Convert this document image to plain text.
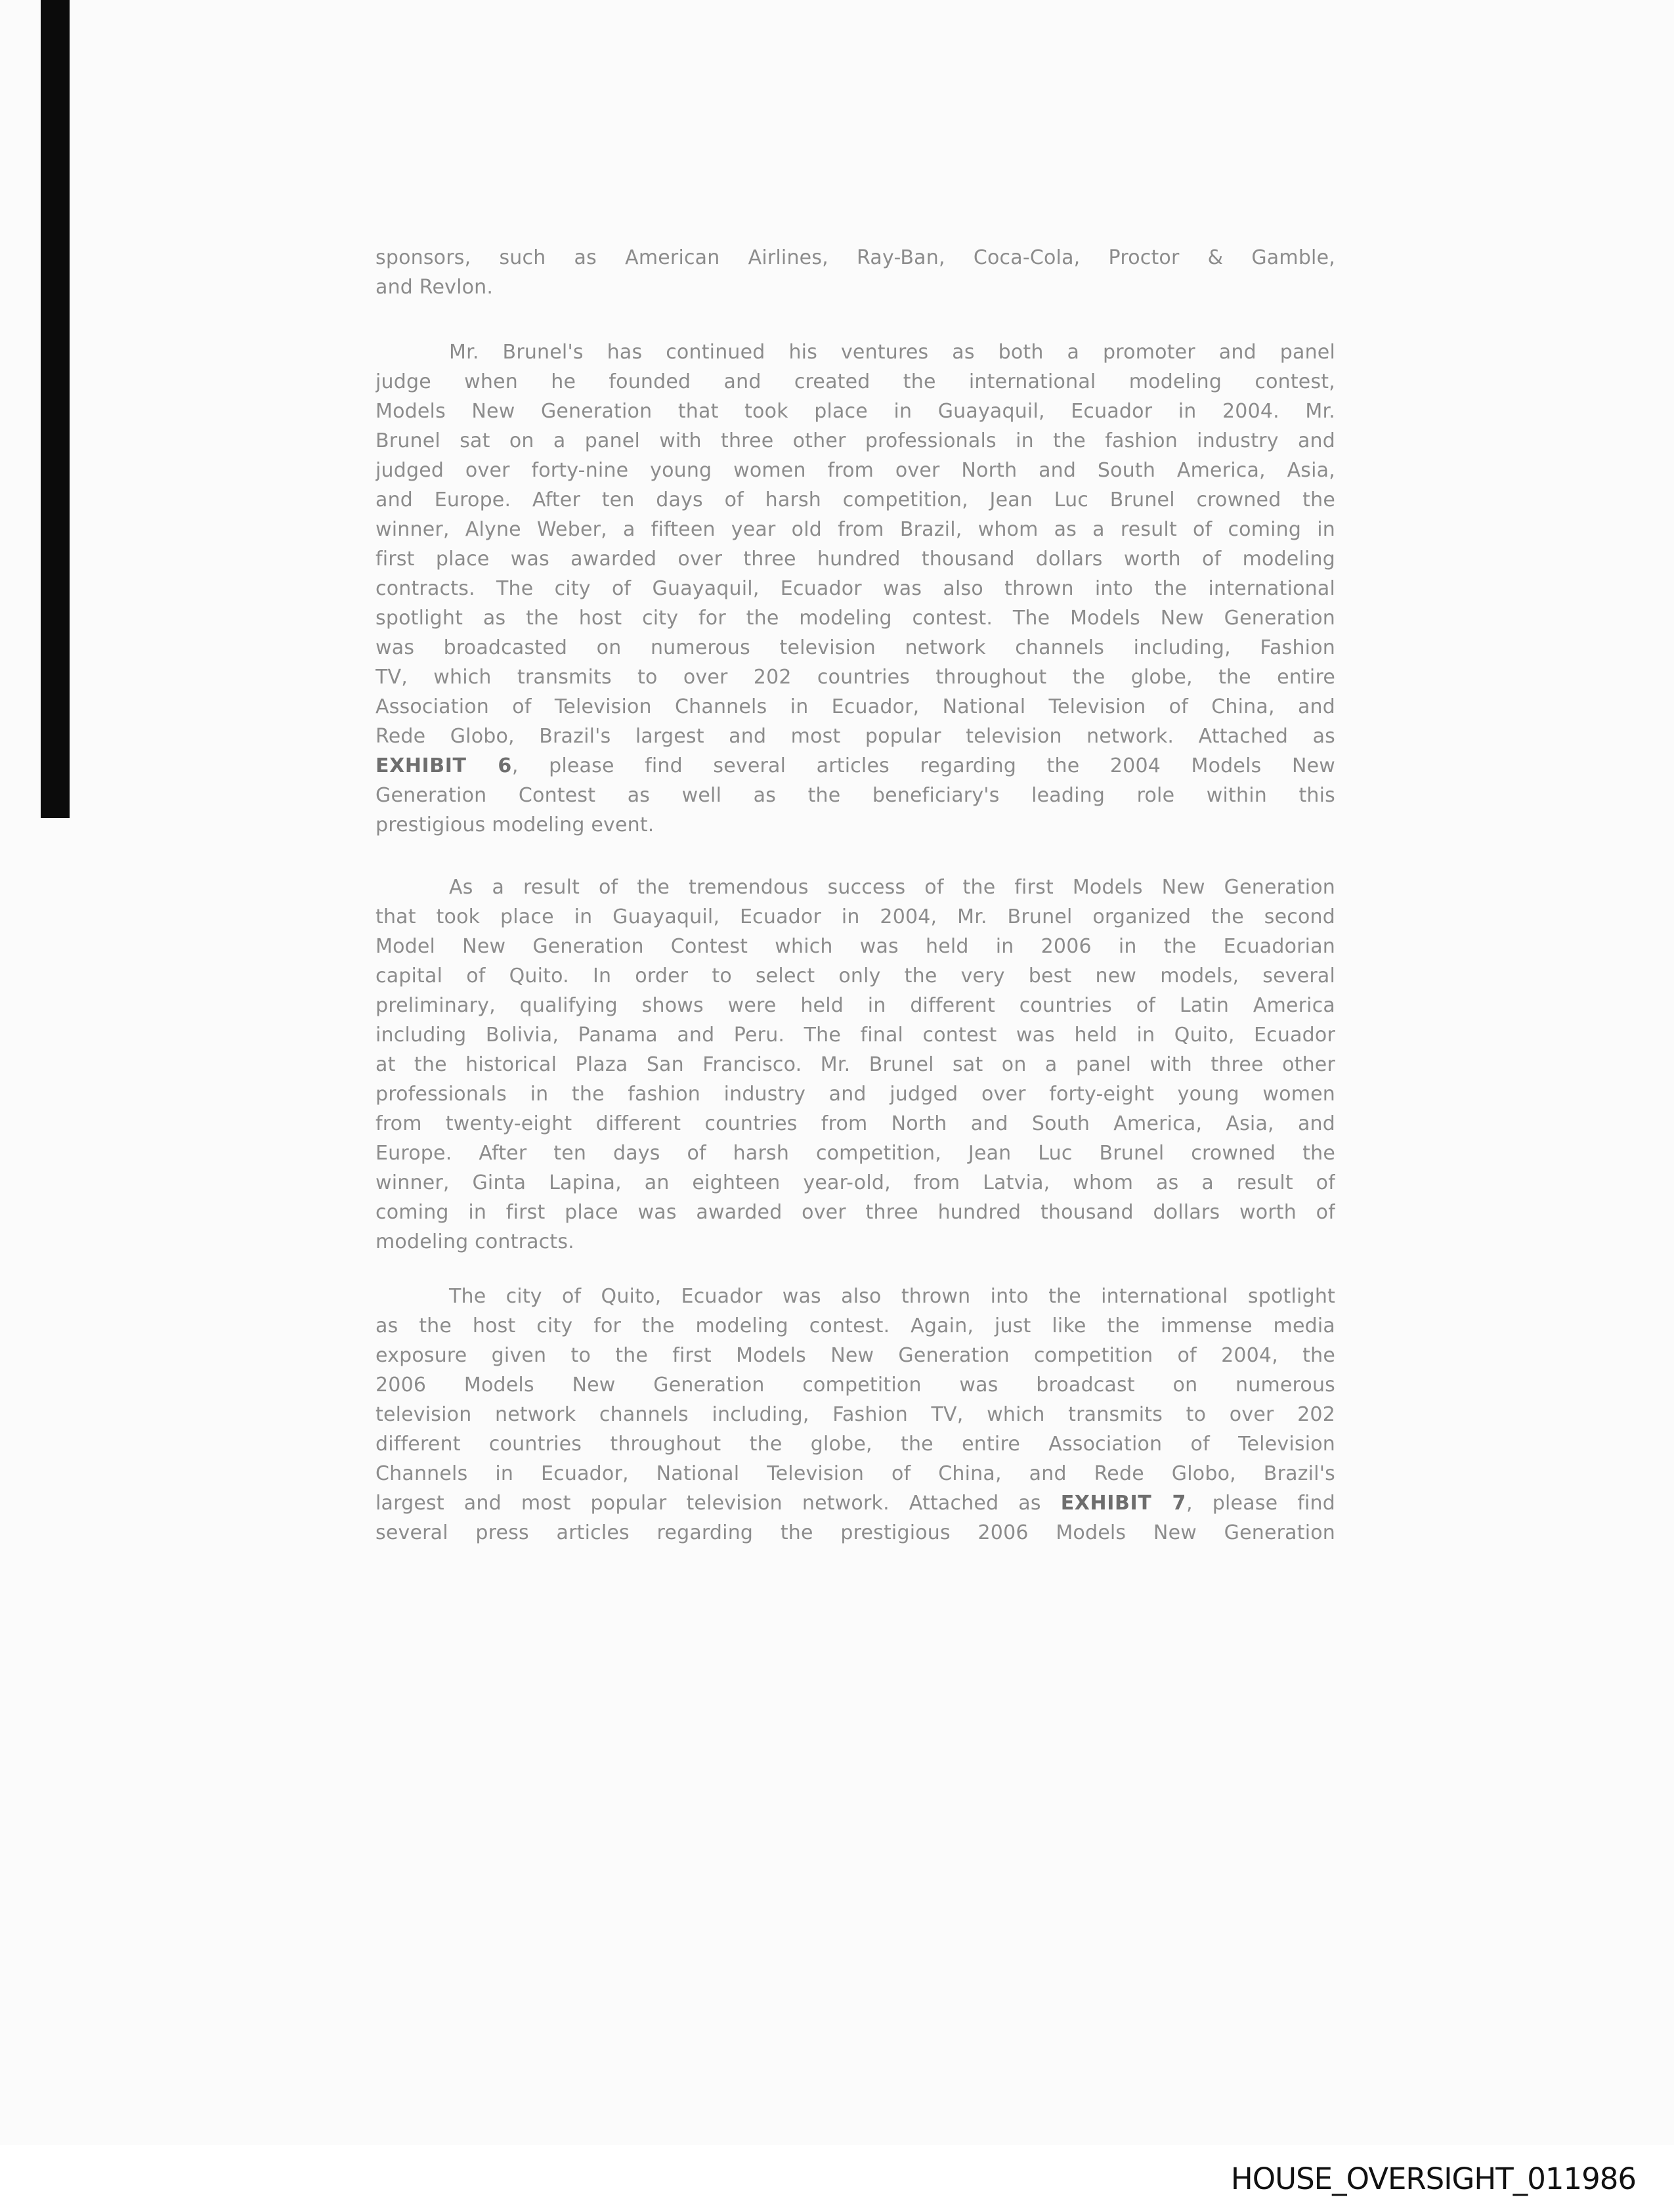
sponsors, such as American Airlines, Ray-Ban, Coca-Cola, Proctor & Gamble,
and Revlon.
Mr. Brunel's has continued his ventures as both a promoter and panel
judge when he founded and created the international modeling contest,
Models New Generation that took place in Guayaquil, Ecuador in 2004. Mr.
Brunel sat on a panel with three other professionals in the fashion industry and
judged over forty-nine young women from over North and South America, Asia,
and Europe. After ten days of harsh competition, Jean Luc Brunel crowned the
winner, Alyne Weber, a fifteen year old from Brazil, whom as a result of coming in
first place was awarded over three hundred thousand dollars worth of modeling
contracts. The city of Guayaquil, Ecuador was also thrown into the international
spotlight as the host city for the modeling contest. The Models New Generation
was broadcasted on numerous television network channels including, Fashion
TV, which transmits to over 202 countries throughout the globe, the entire
Association of Television Channels in Ecuador, National Television of China, and
Rede Globo, Brazil's largest and most popular television network. Attached as
EXHIBIT 6, please find several articles regarding the 2004 Models New
Generation Contest as well as the beneficiary's leading role within this
prestigious modeling event.
As a result of the tremendous success of the first Models New Generation
that took place in Guayaquil, Ecuador in 2004, Mr. Brunel organized the second
Model New Generation Contest which was held in 2006 in the Ecuadorian
capital of Quito. In order to select only the very best new models, several
preliminary, qualifying shows were held in different countries of Latin America
including Bolivia, Panama and Peru. The final contest was held in Quito, Ecuador
at the historical Plaza San Francisco. Mr. Brunel sat on a panel with three other
professionals in the fashion industry and judged over forty-eight young women
from twenty-eight different countries from North and South America, Asia, and
Europe. After ten days of harsh competition, Jean Luc Brunel crowned the
winner, Ginta Lapina, an eighteen year-old, from Latvia, whom as a result of
coming in first place was awarded over three hundred thousand dollars worth of
modeling contracts.
The city of Quito, Ecuador was also thrown into the international spotlight
as the host city for the modeling contest. Again, just like the immense media
exposure given to the first Models New Generation competition of 2004, the
2006 Models New Generation competition was broadcast on numerous
television network channels including, Fashion TV, which transmits to over 202
different countries throughout the globe, the entire Association of Television
Channels in Ecuador, National Television of China, and Rede Globo, Brazil's
largest and most popular television network. Attached as EXHIBIT 7, please find
several press articles regarding the prestigious 2006 Models New Generation
HOUSE_OVERSIGHT_011986
